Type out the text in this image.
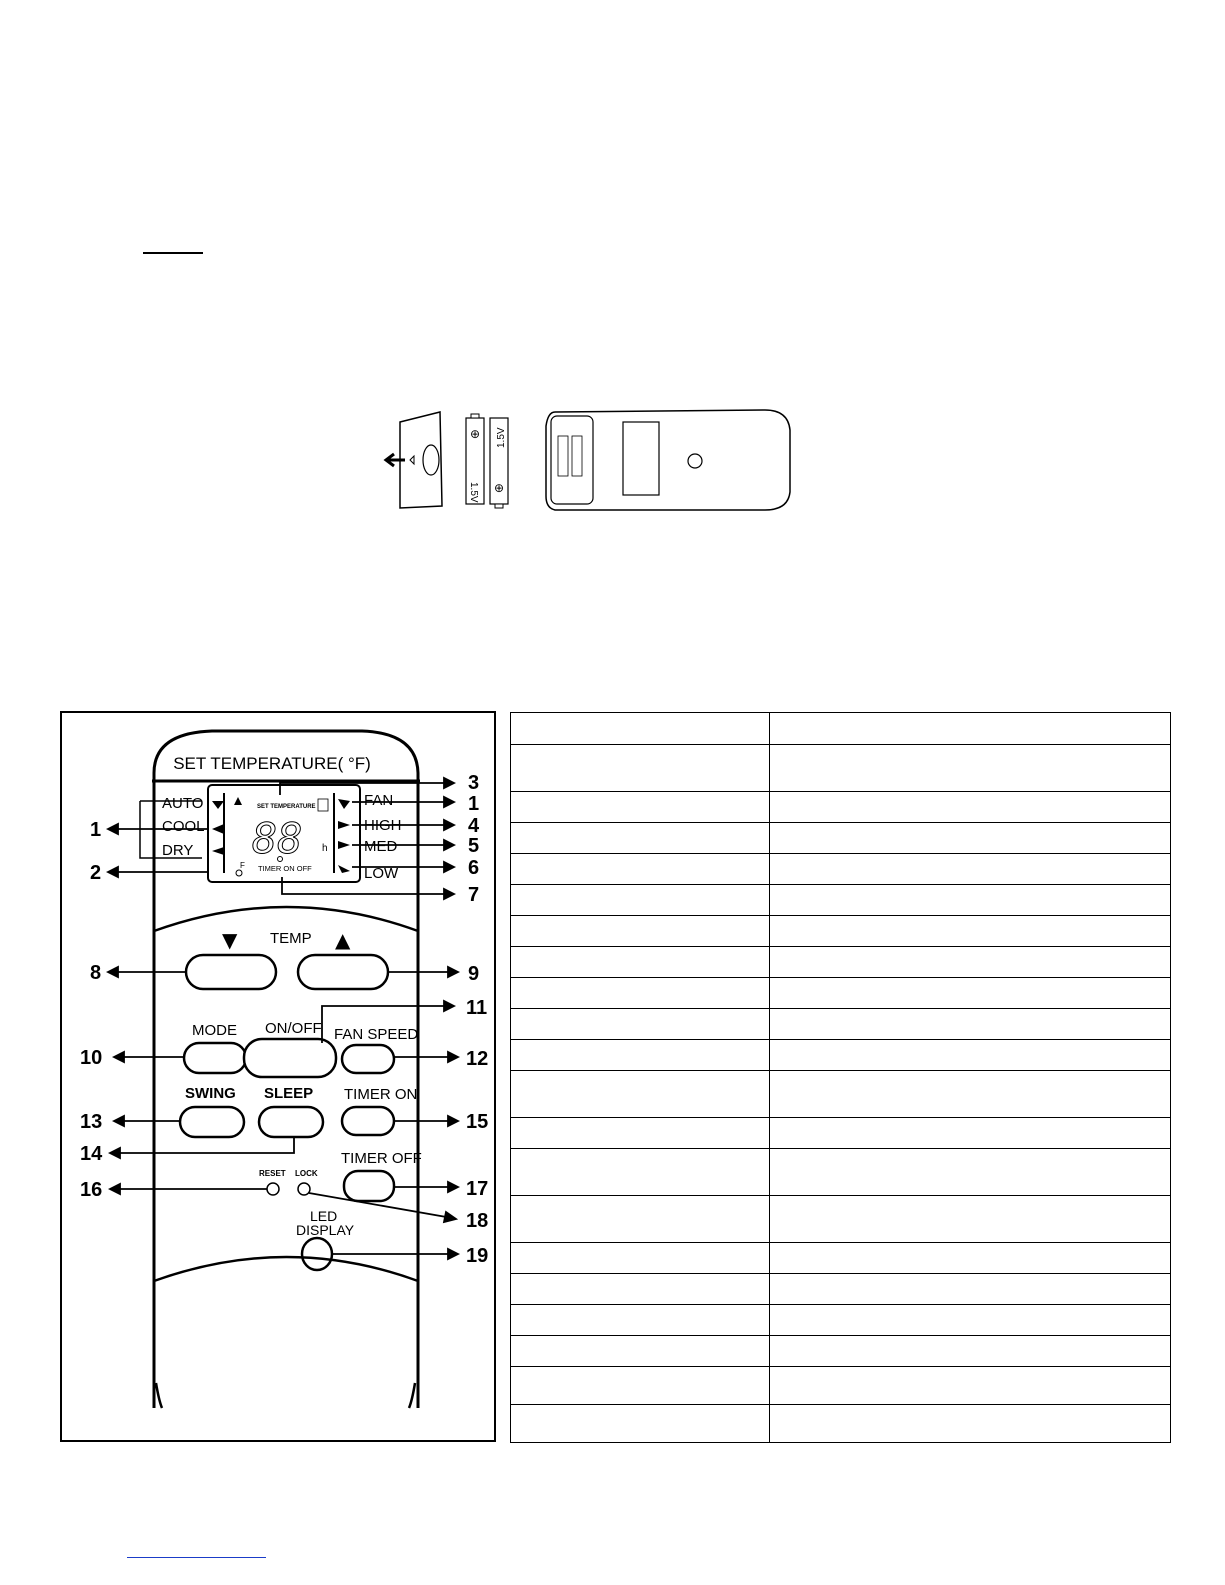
⊕
1.5V
1.5V
⊕
SET TEMPERATURE( °F)
AUTO
COOL
DRY
SET TEMPERATURE
88 h
F TIMER ON OFF
FAN
HIGH
MED
LOW
▼ TEMP ▲
MODE ON/OFF FAN SPEED
SWING SLEEP TIMER ON
TIMER OFF
RESET LOCK
LED
DISPLAY
1
2
3
1
4
5
6
7
8	9
10
11
12
13
14
15
16	17
18
19
